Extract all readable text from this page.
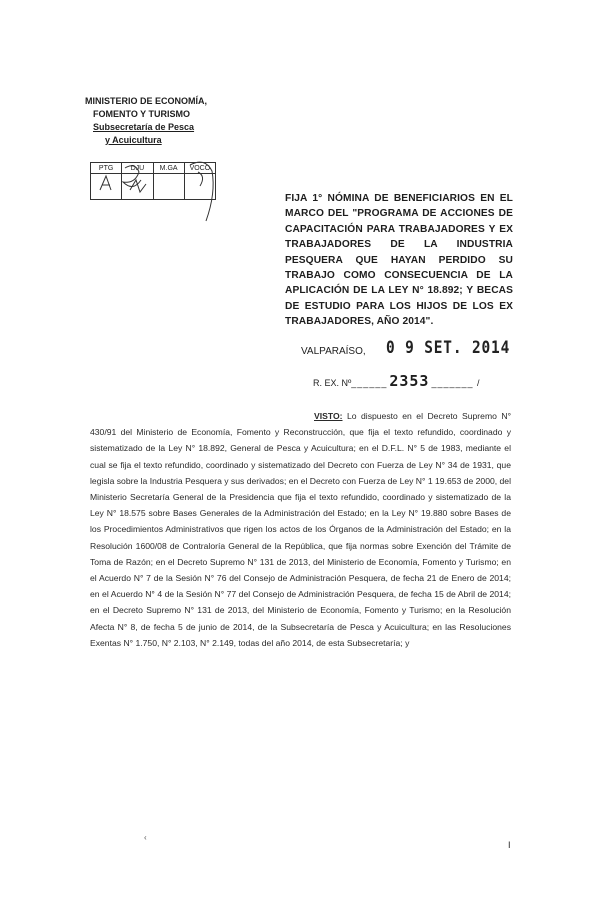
MINISTERIO DE ECONOMÍA,
FOMENTO Y TURISMO
Subsecretaría de Pesca
y Acuicultura
PTG	DJU	M.GA	VOCO
FIJA 1° NÓMINA DE BENEFICIARIOS EN EL MARCO DEL "PROGRAMA DE ACCIONES DE CAPACITACIÓN PARA TRABAJADORES Y EX TRABAJADORES DE LA INDUSTRIA PESQUERA QUE HAYAN PERDIDO SU TRABAJO COMO CONSECUENCIA DE LA APLICACIÓN DE LA LEY N° 18.892; Y BECAS DE ESTUDIO PARA LOS HIJOS DE LOS EX TRABAJADORES, AÑO 2014".
VALPARAÍSO, 0 9 SET. 2014
R. EX. Nº ______ 2353 _______ /
VISTO: Lo dispuesto en el Decreto Supremo N° 430/91 del Ministerio de Economía, Fomento y Reconstrucción, que fija el texto refundido, coordinado y sistematizado de la Ley N° 18.892, General de Pesca y Acuicultura; en el D.F.L. N° 5 de 1983, mediante el cual se fija el texto refundido, coordinado y sistematizado del Decreto con Fuerza de Ley N° 34 de 1931, que legisla sobre la Industria Pesquera y sus derivados; en el Decreto con Fuerza de Ley N° 1 19.653 de 2000, del Ministerio Secretaría General de la Presidencia que fija el texto refundido, coordinado y sistematizado de la Ley N° 18.575 sobre Bases Generales de la Administración del Estado; en la Ley N° 19.880 sobre Bases de los Procedimientos Administrativos que rigen los actos de los Órganos de la Administración del Estado; en la Resolución 1600/08 de Contraloría General de la República, que fija normas sobre Exención del Trámite de Toma de Razón; en el Decreto Supremo N° 131 de 2013, del Ministerio de Economía, Fomento y Turismo; en el Acuerdo N° 7 de la Sesión N° 76 del Consejo de Administración Pesquera, de fecha 21 de Enero de 2014; en el Acuerdo N° 4 de la Sesión N° 77 del Consejo de Administración Pesquera, de fecha 15 de Abril de 2014; en el Decreto Supremo N° 131 de 2013, del Ministerio de Economía, Fomento y Turismo; en la Resolución Afecta N° 8, de fecha 5 de junio de 2014, de la Subsecretaría de Pesca y Acuicultura; en las Resoluciones Exentas N° 1.750, N° 2.103, N° 2.149, todas del año 2014, de esta Subsecretaría; y
‹
I
